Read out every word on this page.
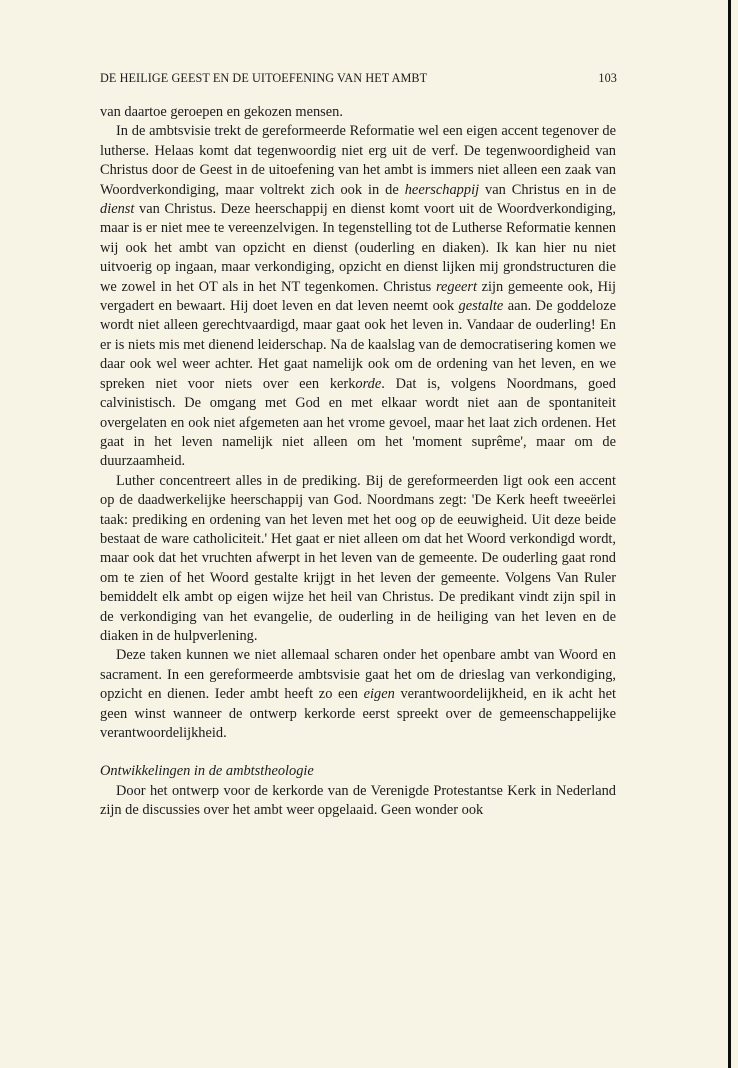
DE HEILIGE GEEST EN DE UITOEFENING VAN HET AMBT	103

van daartoe geroepen en gekozen mensen.

In de ambtsvisie trekt de gereformeerde Reformatie wel een eigen accent tegenover de lutherse. Helaas komt dat tegenwoordig niet erg uit de verf. De tegenwoordigheid van Christus door de Geest in de uitoefening van het ambt is immers niet alleen een zaak van Woordverkondiging, maar voltrekt zich ook in de heerschappij van Christus en in de dienst van Christus. Deze heerschappij en dienst komt voort uit de Woordverkondiging, maar is er niet mee te vereenzelvigen. In tegenstelling tot de Lutherse Reformatie kennen wij ook het ambt van opzicht en dienst (ouderling en diaken). Ik kan hier nu niet uitvoerig op ingaan, maar verkondiging, opzicht en dienst lijken mij grondstructuren die we zowel in het OT als in het NT tegenkomen. Christus regeert zijn gemeente ook, Hij vergadert en bewaart. Hij doet leven en dat leven neemt ook gestalte aan. De goddeloze wordt niet alleen gerechtvaardigd, maar gaat ook het leven in. Vandaar de ouderling! En er is niets mis met dienend leiderschap. Na de kaalslag van de democratisering komen we daar ook wel weer achter. Het gaat namelijk ook om de ordening van het leven, en we spreken niet voor niets over een kerkorde. Dat is, volgens Noordmans, goed calvinistisch. De omgang met God en met elkaar wordt niet aan de spontaniteit overgelaten en ook niet afgemeten aan het vrome gevoel, maar het laat zich ordenen. Het gaat in het leven namelijk niet alleen om het 'moment suprême', maar om de duurzaamheid.

Luther concentreert alles in de prediking. Bij de gereformeerden ligt ook een accent op de daadwerkelijke heerschappij van God. Noordmans zegt: 'De Kerk heeft tweeërlei taak: prediking en ordening van het leven met het oog op de eeuwigheid. Uit deze beide bestaat de ware catholiciteit.' Het gaat er niet alleen om dat het Woord verkondigd wordt, maar ook dat het vruchten afwerpt in het leven van de gemeente. De ouderling gaat rond om te zien of het Woord gestalte krijgt in het leven der gemeente. Volgens Van Ruler bemiddelt elk ambt op eigen wijze het heil van Christus. De predikant vindt zijn spil in de verkondiging van het evangelie, de ouderling in de heiliging van het leven en de diaken in de hulpverlening.

Deze taken kunnen we niet allemaal scharen onder het openbare ambt van Woord en sacrament. In een gereformeerde ambtsvisie gaat het om de drieslag van verkondiging, opzicht en dienen. Ieder ambt heeft zo een eigen verantwoordelijkheid, en ik acht het geen winst wanneer de ontwerp kerkorde eerst spreekt over de gemeenschappelijke verantwoordelijkheid.

Ontwikkelingen in de ambtstheologie

Door het ontwerp voor de kerkorde van de Verenigde Protestantse Kerk in Nederland zijn de discussies over het ambt weer opgelaaid. Geen wonder ook
